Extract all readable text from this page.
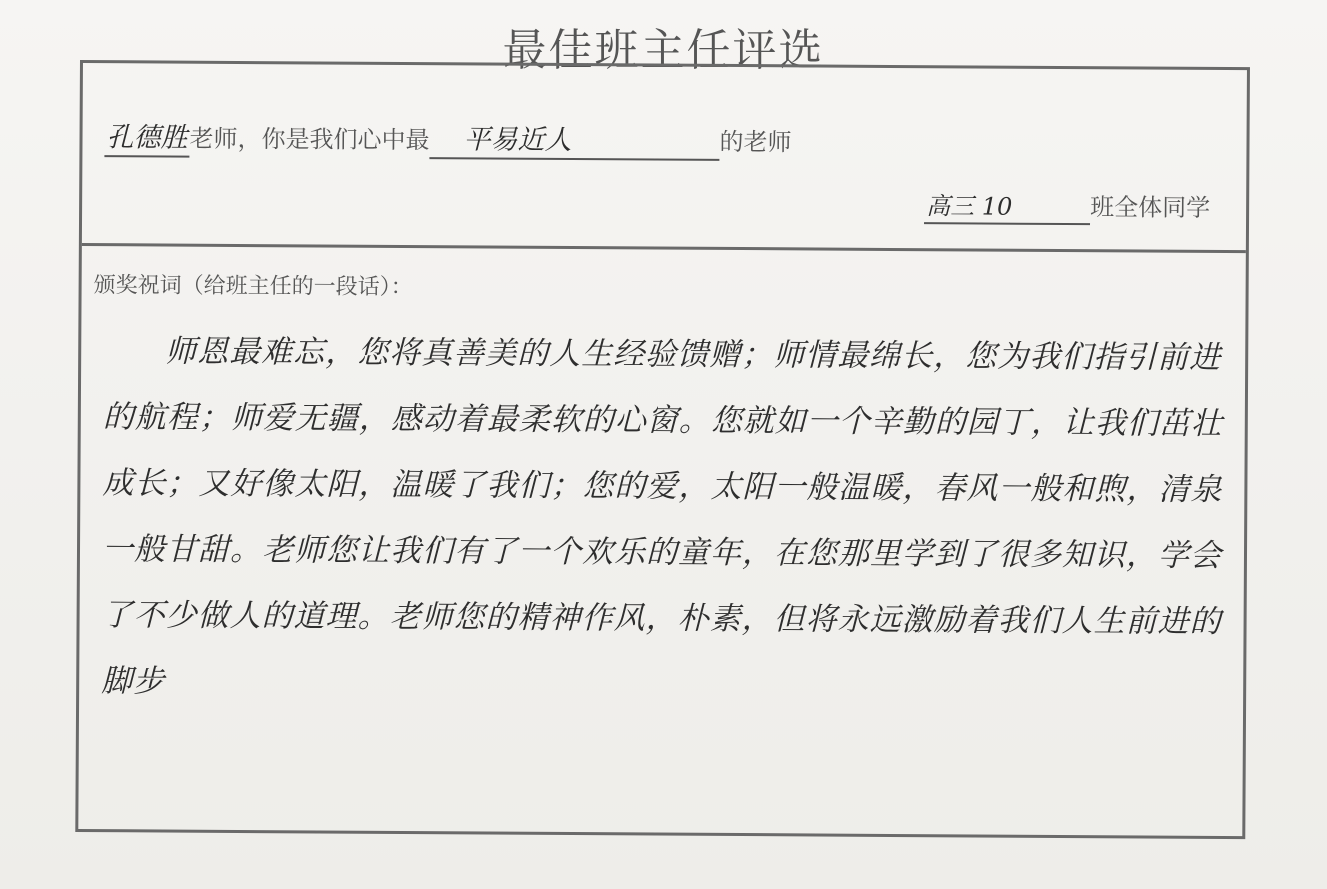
最佳班主任评选
孔德胜老师，你是我们心中最 平易近人	的老师
高三 10	班全体同学
颁奖祝词（给班主任的一段话）：
师恩最难忘，您将真善美的人生经验馈赠；师情最绵长，您为我们指引前进的航程；师爱无疆，感动着最柔软的心窗。您就如一个辛勤的园丁，让我们茁壮成长；又好像太阳，温暖了我们；您的爱，太阳一般温暖，春风一般和煦，清泉一般甘甜。老师您让我们有了一个欢乐的童年，在您那里学到了很多知识，学会了不少做人的道理。老师您的精神作风，朴素，但将永远激励着我们人生前进的脚步
